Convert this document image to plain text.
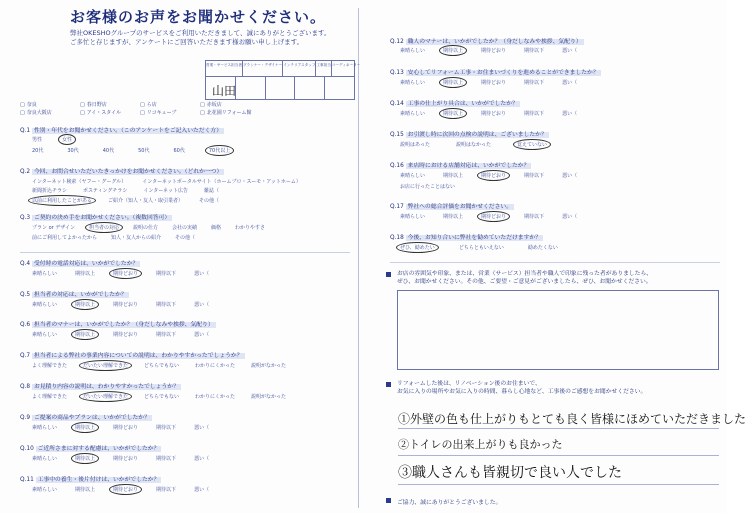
お客様のお声をお聞かせください。
弊社OKESHOグループのサービスをご利用いただきまして、誠にありがとうございます。
ご多忙と存じますが、アンケートにご回答いただきます様お願い申し上げます。
営業・サービス担当者 プランナー・デザイナー インテリアスタッフ 工事担当 コーディネーター
山田
□ 奈良	□ 春日野店	□ ら店	□ 赤坂店
□ 奈良大阪店	□ アイ・スタイル	□ リコキューブ	□ 北花園リフォーム館
Q.1 性別・年代をお聞かせください。（このアンケートをご記入いただく方）
男性	女性
20代	30代	40代	50代	60代	70代以上
Q.2 今回、お問合せいただいたきっかけをお聞かせください。（どれか一つ）
インターネット検索（ヤフー・グーグル）	インターネットポータルサイト（ホームプロ・スーモ・アットホーム）
新聞折込チラシ	ポスティングチラシ	インターネット広告	雑誌（
以前に利用したことがある	ご紹介（知人・友人・取引業者）	その他（
Q.3 ご契約の決め手をお聞かせください。（複数回答可）
プラン or デザイン	担当者の対応	説明の仕方	会社の実績	価格	わかりやすさ
前にご利用してよかったから	知人・友人からの紹介	その他（
Q.4 受付時の電話対応は、いかがでしたか？
素晴らしい	期待以上	期待どおり	期待以下	悪い（
Q.5 担当者の対応は、いかがでしたか？
素晴らしい	期待以上	期待どおり	期待以下	悪い（
Q.6 担当者のマナーは、いかがでしたか？（身だしなみや挨拶、気配り）
素晴らしい	期待以上	期待どおり	期待以下	悪い（
Q.7 担当者による弊社の事業内容についての説明は、わかりやすかったでしょうか？
よく理解できた	だいたい理解できた	どちらでもない	わかりにくかった	説明がなかった
Q.8 お見積り内容の説明は、わかりやすかったでしょうか？
よく理解できた	だいたい理解できた	どちらでもない	わかりにくかった	説明がなかった
Q.9 ご提案の商品やプランは、いかがでしたか？
素晴らしい	期待以上	期待どおり	期待以下	悪い（
Q.10 ご近所さまに対する配慮は、いかがでしたか？
素晴らしい	期待以上	期待どおり	期待以下	悪い（
Q.11 工事中の養生・後片付けは、いかがでしたか？
素晴らしい	期待以上	期待どおり	期待以下	悪い（
Q.12 職人のマナーは、いかがでしたか？（身だしなみや挨拶、気配り）
素晴らしい	期待以上	期待どおり	期待以下	悪い（
Q.13 安心してリフォーム工事・お住まいづくりを進めることができましたか？
素晴らしい	期待以上	期待どおり	期待以下	悪い（
Q.14 工事の仕上がり具合は、いかがでしたか？
素晴らしい	期待以上	期待どおり	期待以下	悪い（
Q.15 お引渡し時に次回の点検の説明は、ございましたか？
説明はあった	説明はなかった	覚えていない
Q.16 来店時における店舗対応は、いかがでしたか？
素晴らしい	期待以上	期待どおり	期待以下	悪い（
お店に行ったことはない
Q.17 弊社への総合評価をお聞かせください。
素晴らしい	期待以上	期待どおり	期待以下	悪い（
Q.18 今後、お知り合いに弊社を勧めていただけますか？
ぜひ、勧めたい	どちらともいえない	勧めたくない
お店の雰囲気や印象、または、営業（サービス）担当者や職人で印象に残った者がありましたら、
ぜひ、お聞かせください。その他、ご要望・ご意見がございましたら、ぜひ、お聞かせください。
リフォームした後は、リノベーション後のお住まいで、
お気に入りの場所やお気に入りの時間、暮らし心地など、工事後のご感想をお聞かせください。
①外壁の色も仕上がりもとても良く皆様にほめていただきました
②トイレの出来上がりも良かった
③職人さんも皆親切で良い人でした
ご協力、誠にありがとうございました。
